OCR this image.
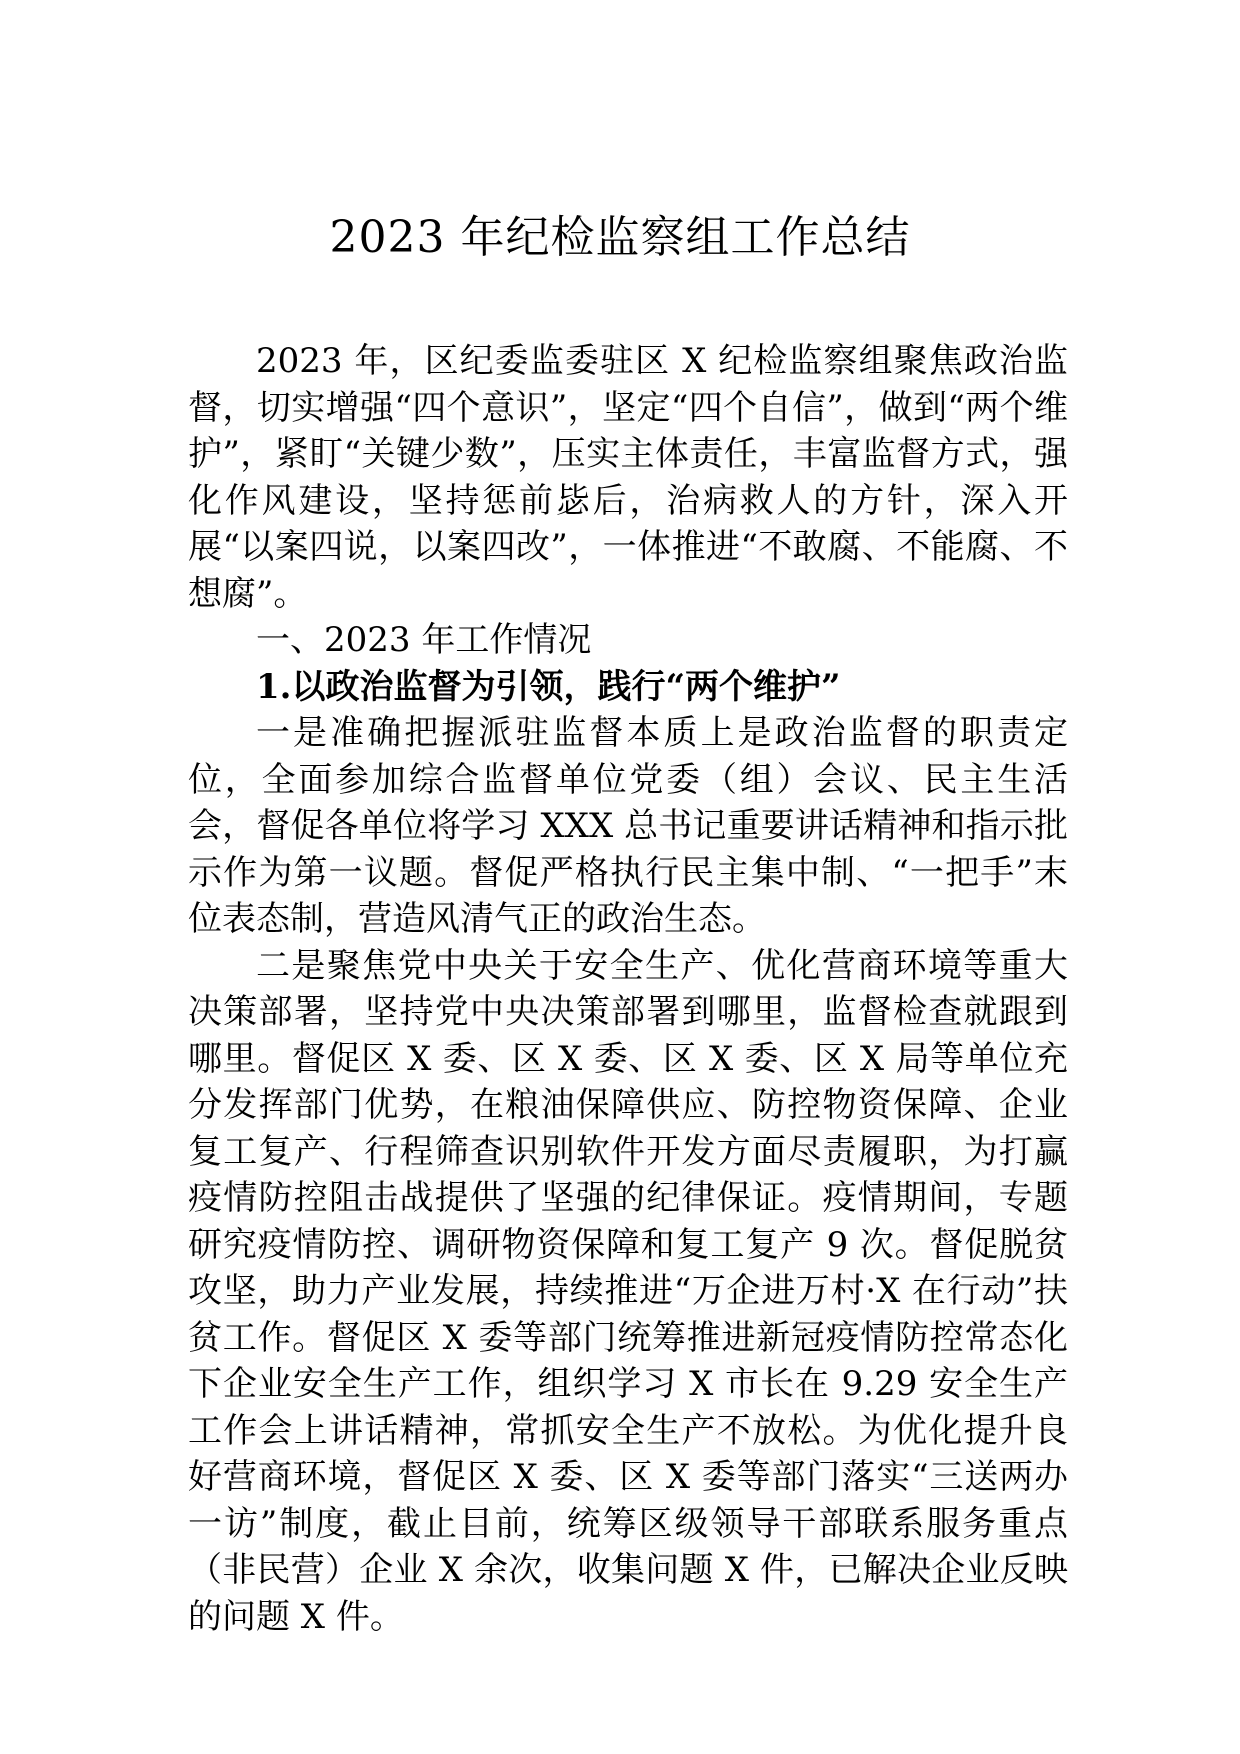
2023 年纪检监察组工作总结

2023 年，区纪委监委驻区 X 纪检监察组聚焦政治监督，切实增强“四个意识”，坚定“四个自信”，做到“两个维护”，紧盯“关键少数”，压实主体责任，丰富监督方式，强化作风建设，坚持惩前毖后，治病救人的方针，深入开展“以案四说，以案四改”，一体推进“不敢腐、不能腐、不想腐”。

一、2023 年工作情况

1.以政治监督为引领，践行“两个维护”

一是准确把握派驻监督本质上是政治监督的职责定位，全面参加综合监督单位党委（组）会议、民主生活会，督促各单位将学习 XXX 总书记重要讲话精神和指示批示作为第一议题。督促严格执行民主集中制、“一把手”末位表态制，营造风清气正的政治生态。

二是聚焦党中央关于安全生产、优化营商环境等重大决策部署，坚持党中央决策部署到哪里，监督检查就跟到哪里。督促区 X 委、区 X 委、区 X 委、区 X 局等单位充分发挥部门优势，在粮油保障供应、防控物资保障、企业复工复产、行程筛查识别软件开发方面尽责履职，为打赢疫情防控阻击战提供了坚强的纪律保证。疫情期间，专题研究疫情防控、调研物资保障和复工复产 9 次。督促脱贫攻坚，助力产业发展，持续推进“万企进万村·X 在行动”扶贫工作。督促区 X 委等部门统筹推进新冠疫情防控常态化下企业安全生产工作，组织学习 X 市长在 9.29 安全生产工作会上讲话精神，常抓安全生产不放松。为优化提升良好营商环境，督促区 X 委、区 X 委等部门落实“三送两办一访”制度，截止目前，统筹区级领导干部联系服务重点（非民营）企业 X 余次，收集问题 X 件，已解决企业反映的问题 X 件。
